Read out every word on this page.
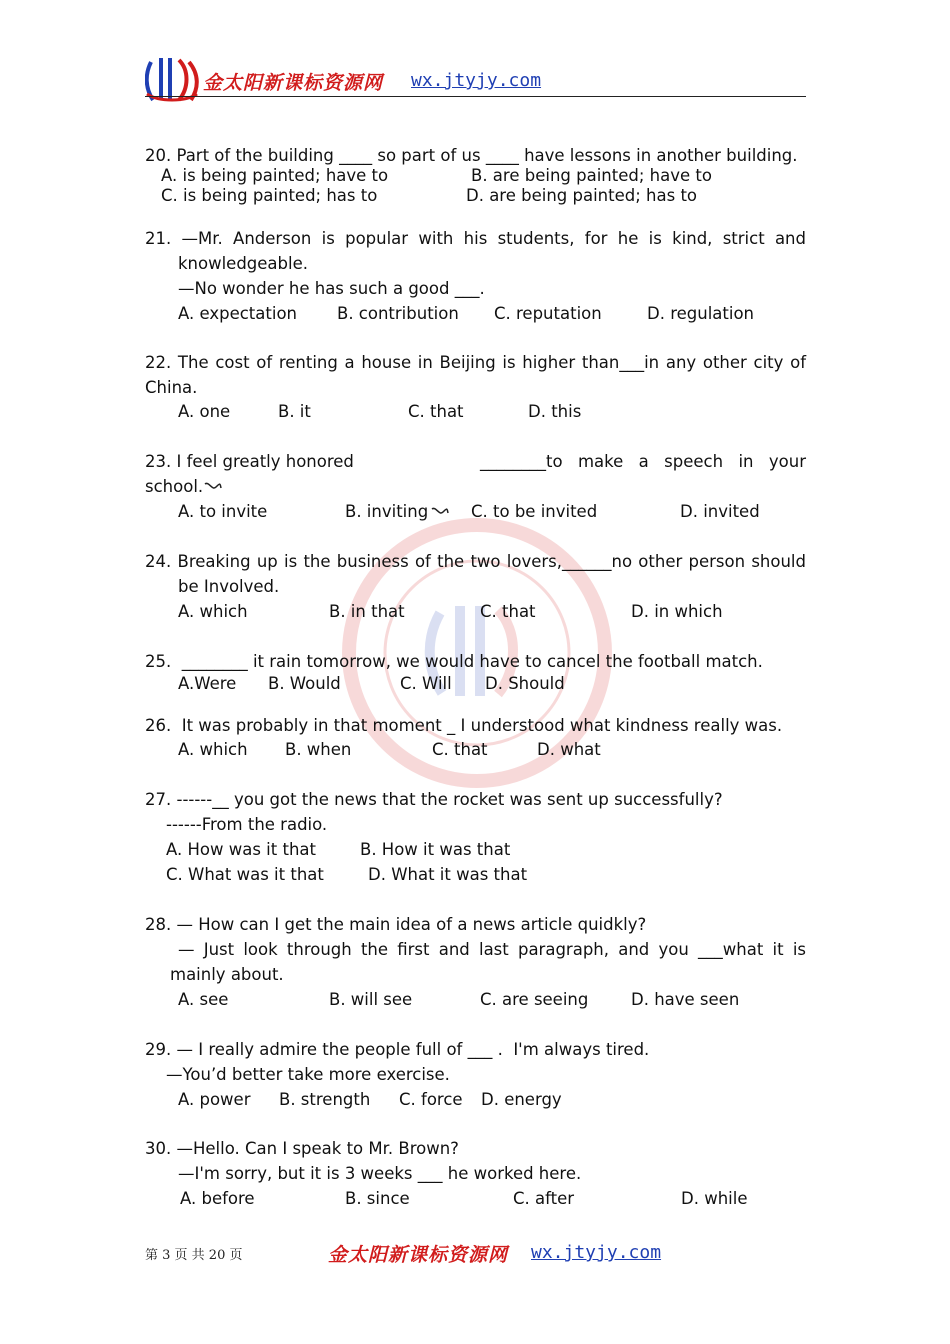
金太阳新课标资源网 wx.jtyjy.com
20. Part of the building ____ so part of us ____ have lessons in another building.
A. is being painted; have to	B. are being painted; have to
C. is being painted; has to	D. are being painted; has to
21. —Mr. Anderson is popular with his students, for he is kind, strict and
knowledgeable.
—No wonder he has such a good ___.
A. expectation B. contribution C. reputation	D. regulation
22. The cost of renting a house in Beijing is higher than___in any other city of
China.
A. one	B. it	C. that	D. this
23. I feel greatly honored	________to make a speech in your
school.
A. to invite	B. inviting	C. to be invited	D. invited
24. Breaking up is the business of the two lovers,______no other person should
be Involved.
A. which	B. in that	C. that	D. in which
25.  ________ it rain tomorrow, we would have to cancel the football match.
A.Were B. Would	C. Will D. Should
26.  It was probably in that moment _ I understood what kindness really was.
A. which B. when	C. that	D. what
27. ------__ you got the news that the rocket was sent up successfully?
------From the radio.
A. How was it that	B. How it was that
C. What was it that	D. What it was that
28. — How can I get the main idea of a news article quidkly?
— Just look through the first and last paragraph, and you ___what it is
mainly about.
A. see	B. will see	C. are seeing	D. have seen
29. — I really admire the people full of ___ .  I'm always tired.
—You’d better take more exercise.
A. power B. strength C. force D. energy
30. —Hello. Can I speak to Mr. Brown?
—I'm sorry, but it is 3 weeks ___ he worked here.
A. before	B. since	C. after	D. while
第 3 页 共 20 页	金太阳新课标资源网 wx.jtyjy.com
